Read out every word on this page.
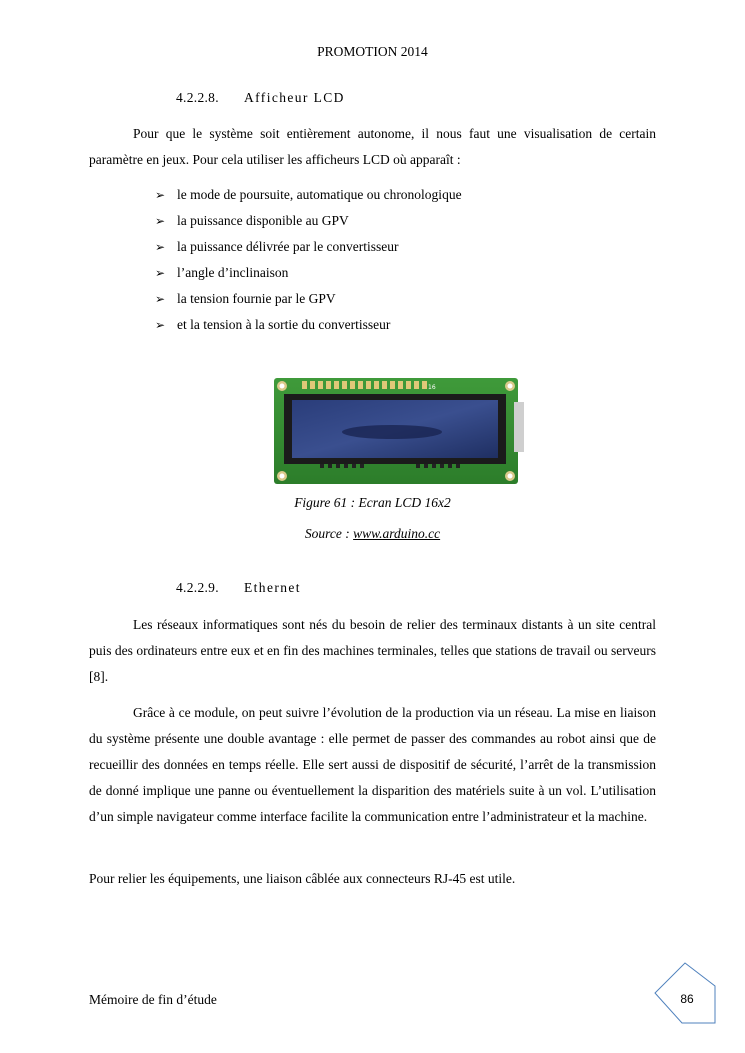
PROMOTION 2014
4.2.2.8. Afficheur LCD

Pour que le système soit entièrement autonome, il nous faut une visualisation de certain paramètre en jeux. Pour cela utiliser les afficheurs LCD où apparaît :

➢ le mode de poursuite, automatique ou chronologique
➢ la puissance disponible au GPV
➢ la puissance délivrée par le convertisseur
➢ l’angle d’inclinaison
➢ la tension fournie par le GPV
➢ et la tension à la sortie du convertisseur
16
Figure 61 : Ecran LCD 16x2
Source : www.arduino.cc
4.2.2.9. Ethernet

Les réseaux informatiques sont nés du besoin de relier des terminaux distants à un site central puis des ordinateurs entre eux et en fin des machines terminales, telles que stations de travail ou serveurs [8].

Grâce à ce module, on peut suivre l’évolution de la production via un réseau. La mise en liaison du système présente une double avantage : elle permet de passer des commandes au robot ainsi que de recueillir des données en temps réelle. Elle sert aussi de dispositif de sécurité, l’arrêt de la transmission de donné implique une panne ou éventuellement la disparition des matériels suite à un vol. L’utilisation d’un simple navigateur comme interface facilite la communication entre l’administrateur et la machine.

Pour relier les équipements, une liaison câblée aux connecteurs RJ-45 est utile.

Mémoire de fin d’étude	86
